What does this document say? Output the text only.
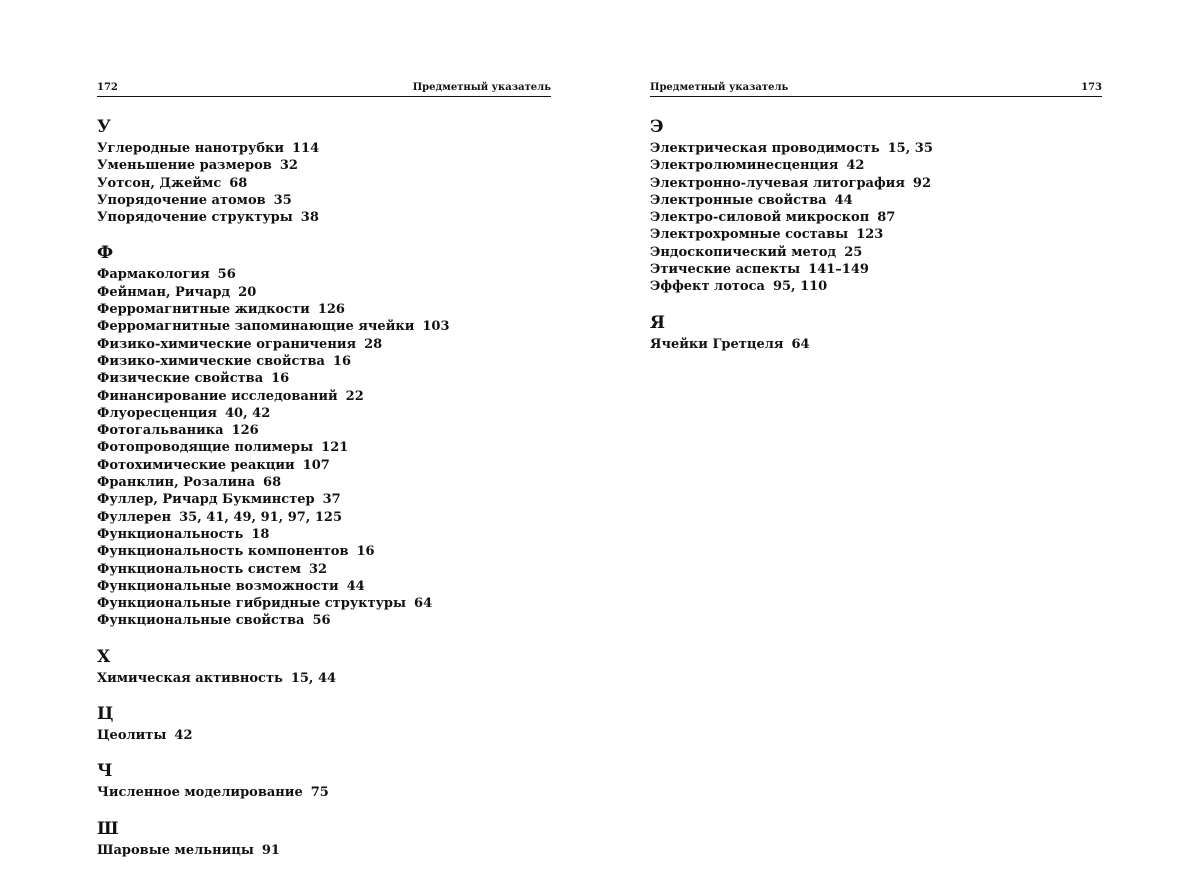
172	Предметный указатель
У
Углеродные нанотрубки 114
Уменьшение размеров 32
Уотсон, Джеймс 68
Упорядочение атомов 35
Упорядочение структуры 38
Ф
Фармакология 56
Фейнман, Ричард 20
Ферромагнитные жидкости 126
Ферромагнитные запоминающие ячейки 103
Физико-химические ограничения 28
Физико-химические свойства 16
Физические свойства 16
Финансирование исследований 22
Флуоресценция 40, 42
Фотогальваника 126
Фотопроводящие полимеры 121
Фотохимические реакции 107
Франклин, Розалина 68
Фуллер, Ричард Букминстер 37
Фуллерен 35, 41, 49, 91, 97, 125
Функциональность 18
Функциональность компонентов 16
Функциональность систем 32
Функциональные возможности 44
Функциональные гибридные структуры 64
Функциональные свойства 56
Х
Химическая активность 15, 44
Ц
Цеолиты 42
Ч
Численное моделирование 75
Ш
Шаровые мельницы 91
Предметный указатель	173
Э
Электрическая проводимость 15, 35
Электролюминесценция 42
Электронно-лучевая литография 92
Электронные свойства 44
Электро-силовой микроскоп 87
Электрохромные составы 123
Эндоскопический метод 25
Этические аспекты 141–149
Эффект лотоса 95, 110
Я
Ячейки Гретцеля 64
